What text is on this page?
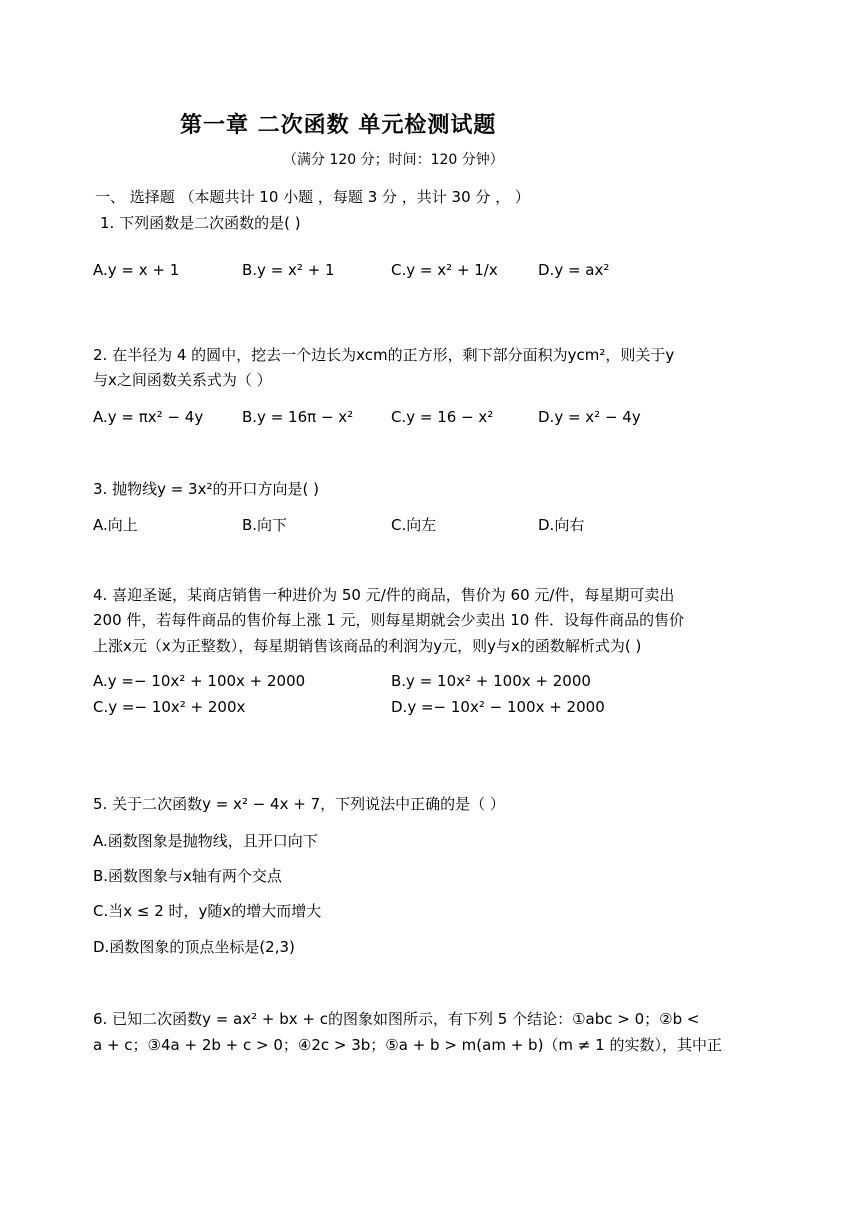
第一章 二次函数 单元检测试题
（满分 120 分；时间：120 分钟）
一、 选择题 （本题共计 10 小题 ，每题 3 分 ，共计 30 分 ， ）
1. 下列函数是二次函数的是( )
A.y = x + 1	B.y = x² + 1	C.y = x² + 1/x	D.y = ax²
2. 在半径为 4 的圆中，挖去一个边长为xcm的正方形，剩下部分面积为ycm²，则关于y
与x之间函数关系式为（ ）
A.y = πx² − 4y	B.y = 16π − x²	C.y = 16 − x²	D.y = x² − 4y
3. 抛物线y = 3x²的开口方向是( )
A.向上	B.向下	C.向左	D.向右
4. 喜迎圣诞，某商店销售一种进价为 50 元/件的商品，售价为 60 元/件，每星期可卖出
200 件，若每件商品的售价每上涨 1 元，则每星期就会少卖出 10 件．设每件商品的售价
上涨x元（x为正整数），每星期销售该商品的利润为y元，则y与x的函数解析式为( )
A.y =− 10x² + 100x + 2000	B.y = 10x² + 100x + 2000
C.y =− 10x² + 200x	D.y =− 10x² − 100x + 2000
5. 关于二次函数y = x² − 4x + 7，下列说法中正确的是（ ）
A.函数图象是抛物线，且开口向下
B.函数图象与x轴有两个交点
C.当x ≤ 2 时，y随x的增大而增大
D.函数图象的顶点坐标是(2,3)
6. 已知二次函数y = ax² + bx + c的图象如图所示，有下列 5 个结论：①abc > 0；②b <
a + c；③4a + 2b + c > 0；④2c > 3b；⑤a + b > m(am + b)（m ≠ 1 的实数），其中正
